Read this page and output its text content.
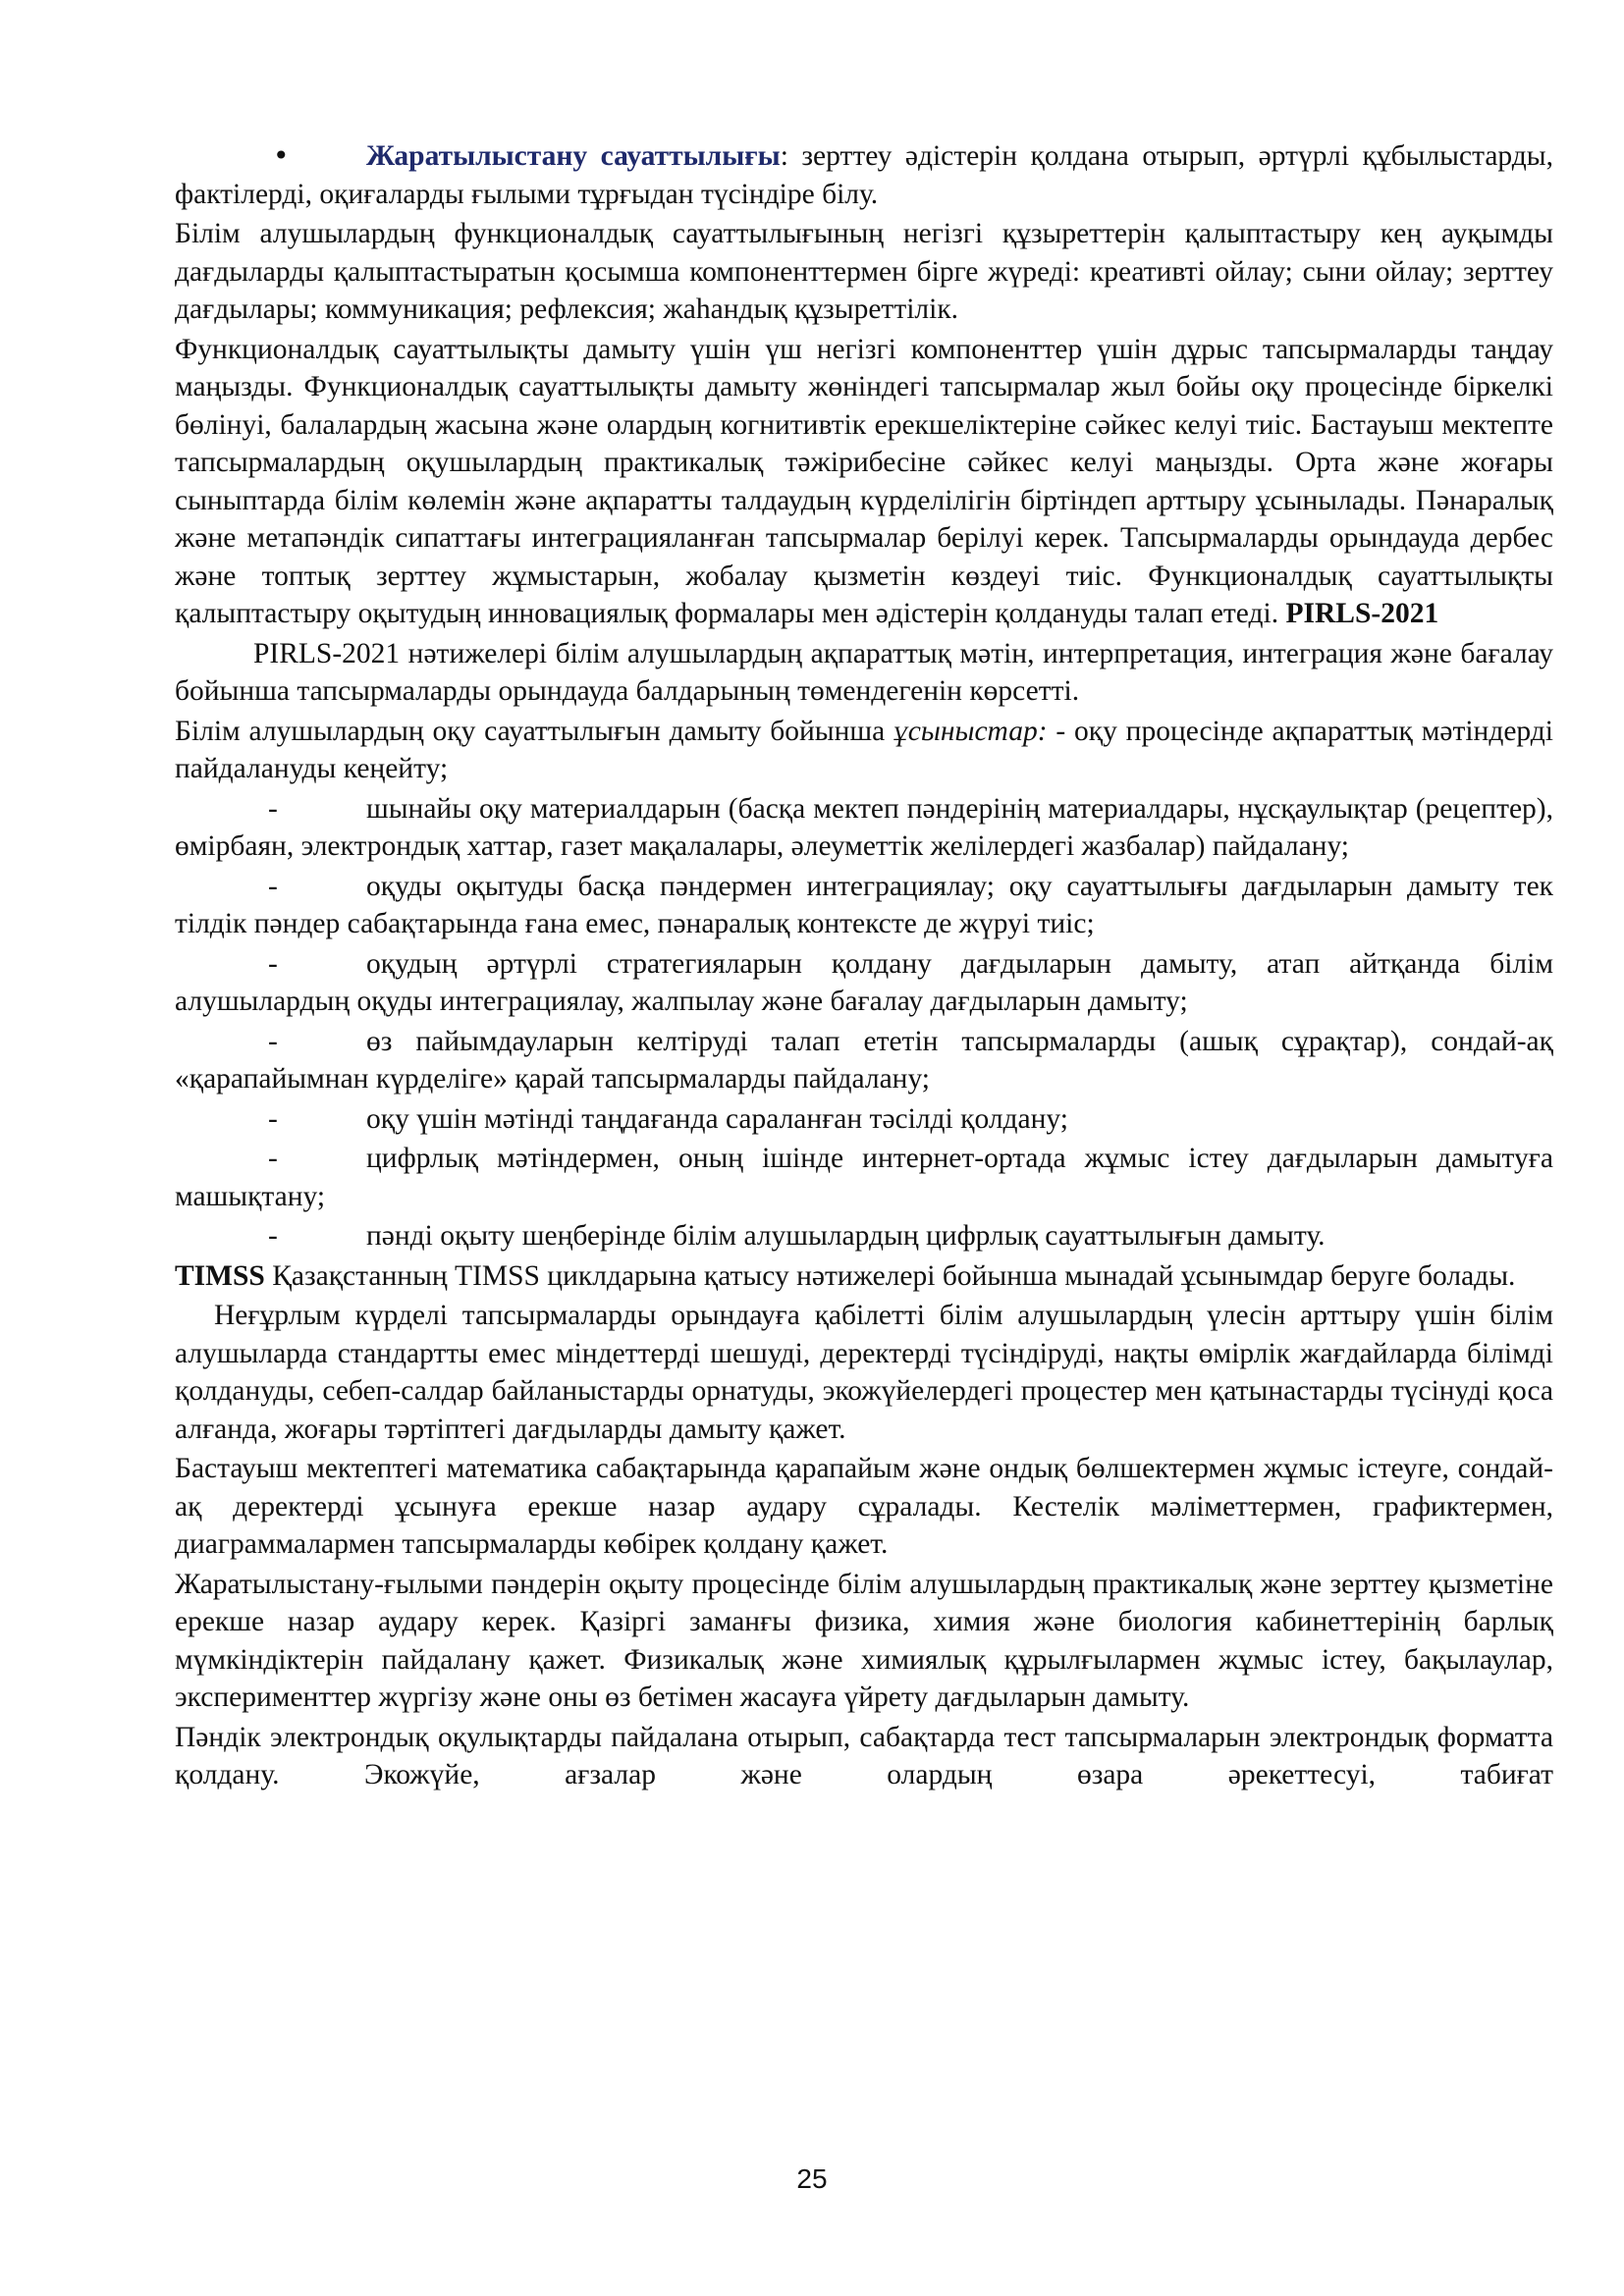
•	Жаратылыстану сауаттылығы: зерттеу әдістерін қолдана отырып, әртүрлі құбылыстарды, фактілерді, оқиғаларды ғылыми тұрғыдан түсіндіре білу.

Білім алушылардың функционалдық сауаттылығының негізгі құзыреттерін қалыптастыру кең ауқымды дағдыларды қалыптастыратын қосымша компоненттермен бірге жүреді: креативті ойлау; сыни ойлау; зерттеу дағдылары; коммуникация; рефлексия; жаһандық құзыреттілік.

Функционалдық сауаттылықты дамыту үшін үш негізгі компоненттер үшін дұрыс тапсырмаларды таңдау маңызды. Функционалдық сауаттылықты дамыту жөніндегі тапсырмалар жыл бойы оқу процесінде біркелкі бөлінуі, балалардың жасына және олардың когнитивтік ерекшеліктеріне сәйкес келуі тиіс. Бастауыш мектепте тапсырмалардың оқушылардың практикалық тәжірибесіне сәйкес келуі маңызды. Орта және жоғары сыныптарда білім көлемін және ақпаратты талдаудың күрделілігін біртіндеп арттыру ұсынылады. Пәнаралық және метапәндік сипаттағы интеграцияланған тапсырмалар берілуі керек. Тапсырмаларды орындауда дербес және топтық зерттеу жұмыстарын, жобалау қызметін көздеуі тиіс. Функционалдық сауаттылықты қалыптастыру оқытудың инновациялық формалары мен әдістерін қолдануды талап етеді. PIRLS-2021

PIRLS-2021 нәтижелері білім алушылардың ақпараттық мәтін, интерпретация, интеграция және бағалау бойынша тапсырмаларды орындауда балдарының төмендегенін көрсетті.

Білім алушылардың оқу сауаттылығын дамыту бойынша ұсыныстар: - оқу процесінде ақпараттық мәтіндерді пайдалануды кеңейту;

-	шынайы оқу материалдарын (басқа мектеп пәндерінің материалдары, нұсқаулықтар (рецептер), өмірбаян, электрондық хаттар, газет мақалалары, әлеуметтік желілердегі жазбалар) пайдалану;

-	оқуды оқытуды басқа пәндермен интеграциялау; оқу сауаттылығы дағдыларын дамыту тек тілдік пәндер сабақтарында ғана емес, пәнаралық контексте де жүруі тиіс;

-	оқудың әртүрлі стратегияларын қолдану дағдыларын дамыту, атап айтқанда білім алушылардың оқуды интеграциялау, жалпылау және бағалау дағдыларын дамыту;

-	өз пайымдауларын келтіруді талап ететін тапсырмаларды (ашық сұрақтар), сондай-ақ «қарапайымнан күрделіге» қарай тапсырмаларды пайдалану;

-	оқу үшін мәтінді таңдағанда сараланған тәсілді қолдану;

-	цифрлық мәтіндермен, оның ішінде интернет-ортада жұмыс істеу дағдыларын дамытуға машықтану;

-	пәнді оқыту шеңберінде білім алушылардың цифрлық сауаттылығын дамыту.

TIMSS Қазақстанның TIMSS циклдарына қатысу нәтижелері бойынша мынадай ұсынымдар беруге болады.

Неғұрлым күрделі тапсырмаларды орындауға қабілетті білім алушылардың үлесін арттыру үшін білім алушыларда стандартты емес міндеттерді шешуді, деректерді түсіндіруді, нақты өмірлік жағдайларда білімді қолдануды, себеп-салдар байланыстарды орнатуды, экожүйелердегі процестер мен қатынастарды түсінуді қоса алғанда, жоғары тәртіптегі дағдыларды дамыту қажет.

Бастауыш мектептегі математика сабақтарында қарапайым және ондық бөлшектермен жұмыс істеуге, сондай-ақ деректерді ұсынуға ерекше назар аудару сұралады. Кестелік мәліметтермен, графиктермен, диаграммалармен тапсырмаларды көбірек қолдану қажет.

Жаратылыстану-ғылыми пәндерін оқыту процесінде білім алушылардың практикалық және зерттеу қызметіне ерекше назар аудару керек. Қазіргі заманғы физика, химия және биология кабинеттерінің барлық мүмкіндіктерін пайдалану қажет. Физикалық және химиялық құрылғылармен жұмыс істеу, бақылаулар, эксперименттер жүргізу және оны өз бетімен жасауға үйрету дағдыларын дамыту.

Пәндік электрондық оқулықтарды пайдалана отырып, сабақтарда тест тапсырмаларын электрондық форматта қолдану. Экожүйе, ағзалар және олардың өзара әрекеттесуі, табиғат

25
